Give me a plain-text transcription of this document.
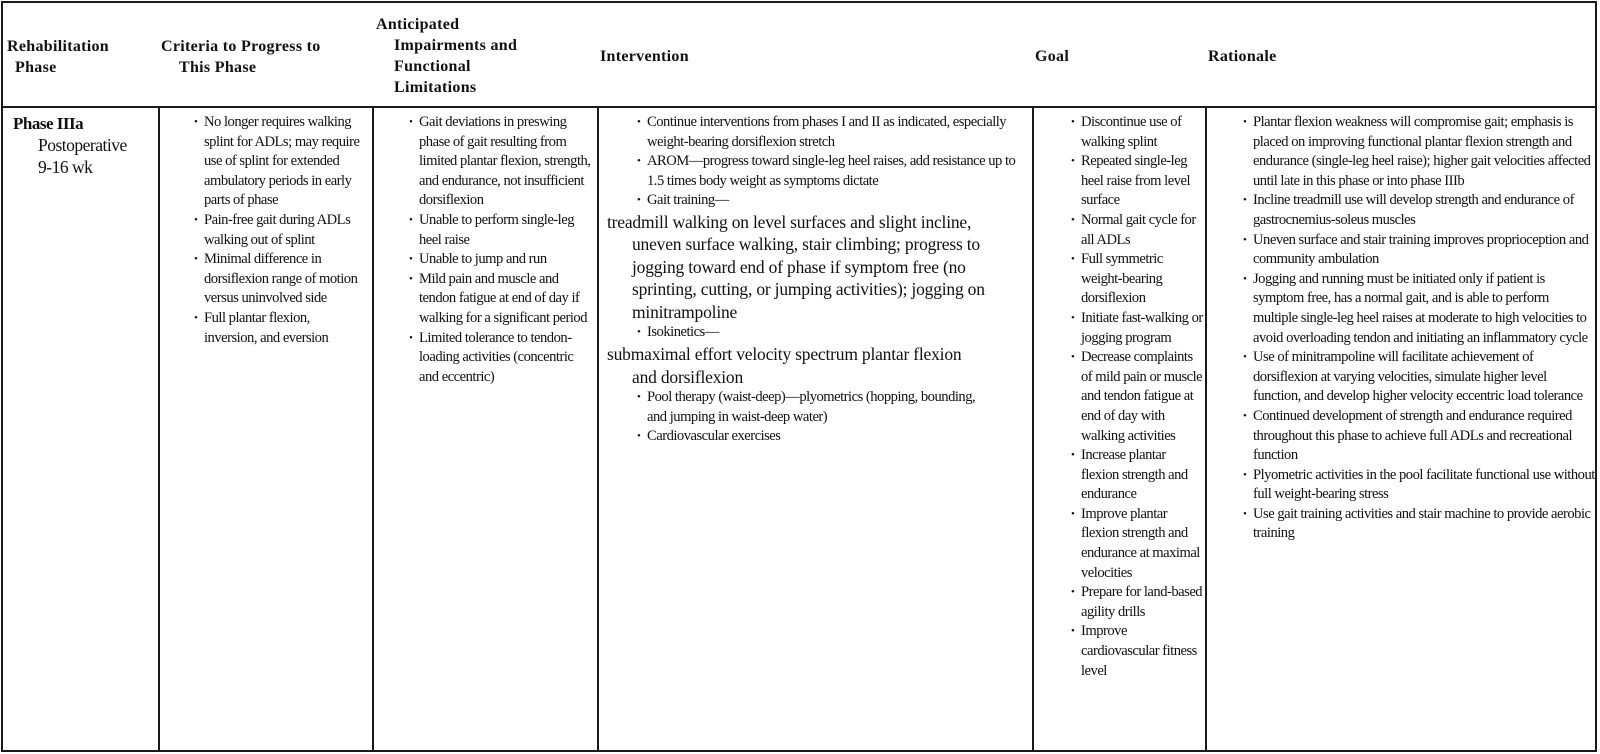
Rehabilitation
Phase
Criteria to Progress to
This Phase
Anticipated
Impairments and
Functional
Limitations
Intervention	Goal	Rationale
Phase IIIa
Postoperative
9-16 wk
• No longer requires walking splint for ADLs; may require use of splint for extended ambulatory periods in early parts of phase
• Pain-free gait during ADLs walking out of splint
• Minimal difference in dorsiflexion range of motion versus uninvolved side
• Full plantar flexion, inversion, and eversion
• Gait deviations in preswing phase of gait resulting from limited plantar flexion, strength, and endurance, not insufficient dorsiflexion
• Unable to perform single-leg heel raise
• Unable to jump and run
• Mild pain and muscle and tendon fatigue at end of day if walking for a significant period
• Limited tolerance to tendon-loading activities (concentric and eccentric)
• Continue interventions from phases I and II as indicated, especially weight-bearing dorsiflexion stretch
• AROM—progress toward single-leg heel raises, add resistance up to 1.5 times body weight as symptoms dictate
• Gait training—
treadmill walking on level surfaces and slight incline,
uneven surface walking, stair climbing; progress to jogging toward end of phase if symptom free (no sprinting, cutting, or jumping activities); jogging on minitrampoline
• Isokinetics—
submaximal effort velocity spectrum plantar flexion
and dorsiflexion
• Pool therapy (waist-deep)—plyometrics (hopping, bounding, and jumping in waist-deep water)
• Cardiovascular exercises
• Discontinue use of walking splint
• Repeated single-leg heel raise from level surface
• Normal gait cycle for all ADLs
• Full symmetric weight-bearing dorsiflexion
• Initiate fast-walking or jogging program
• Decrease complaints of mild pain or muscle and tendon fatigue at end of day with walking activities
• Increase plantar flexion strength and endurance
• Improve plantar flexion strength and endurance at maximal velocities
• Prepare for land-based agility drills
• Improve cardiovascular fitness level
• Plantar flexion weakness will compromise gait; emphasis is placed on improving functional plantar flexion strength and endurance (single-leg heel raise); higher gait velocities affected until late in this phase or into phase IIIb
• Incline treadmill use will develop strength and endurance of gastrocnemius-soleus muscles
• Uneven surface and stair training improves proprioception and community ambulation
• Jogging and running must be initiated only if patient is symptom free, has a normal gait, and is able to perform multiple single-leg heel raises at moderate to high velocities to avoid overloading tendon and initiating an inflammatory cycle
• Use of minitrampoline will facilitate achievement of dorsiflexion at varying velocities, simulate higher level function, and develop higher velocity eccentric load tolerance
• Continued development of strength and endurance required throughout this phase to achieve full ADLs and recreational function
• Plyometric activities in the pool facilitate functional use without full weight-bearing stress
• Use gait training activities and stair machine to provide aerobic training
